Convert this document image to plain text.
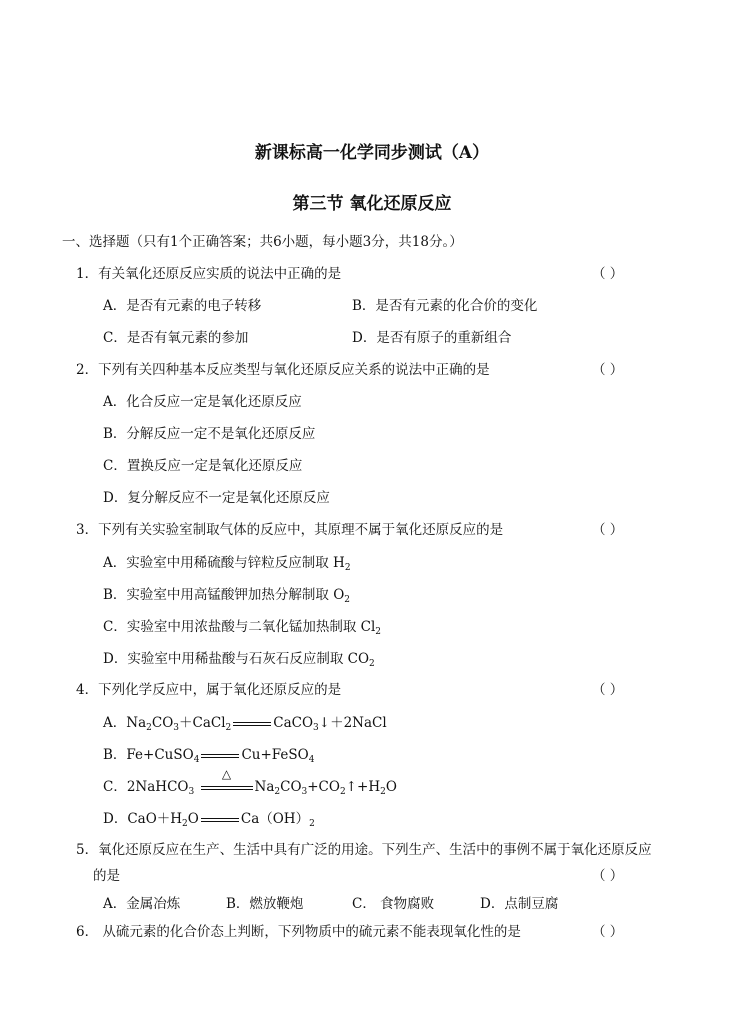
新课标高一化学同步测试（A）
第三节 氧化还原反应
一、选择题（只有1个正确答案；共6小题，每小题3分，共18分。）
1．有关氧化还原反应实质的说法中正确的是	（ ）
A．是否有元素的电子转移	B．是否有元素的化合价的变化
C．是否有氧元素的参加	D．是否有原子的重新组合
2．下列有关四种基本反应类型与氧化还原反应关系的说法中正确的是	（ ）
A．化合反应一定是氧化还原反应
B．分解反应一定不是氧化还原反应
C．置换反应一定是氧化还原反应
D．复分解反应不一定是氧化还原反应
3．下列有关实验室制取气体的反应中，其原理不属于氧化还原反应的是	（ ）
A．实验室中用稀硫酸与锌粒反应制取 $H_2$
B．实验室中用高锰酸钾加热分解制取 $O_2$
C．实验室中用浓盐酸与二氧化锰加热制取 $Cl_2$
D．实验室中用稀盐酸与石灰石反应制取 $CO_2$
4．下列化学反应中，属于氧化还原反应的是	（ ）
A．$Na_2CO_3+CaCl_2$	CaCO$_3$↓＋2NaCl
B．Fe+CuSO$_4$	Cu+FeSO$_4$
C．2NaHCO$_3$
△
$Na_2CO_3+CO_2↑+H_2O$
D．$CaO+H_2O$	$Ca(OH)_2$
5．氧化还原反应在生产、生活中具有广泛的用途。下列生产、生活中的事例不属于氧化还原反应
的是	（ ）
A．金属冶炼	B．燃放鞭炮	C． 食物腐败	D．点制豆腐
6． 从硫元素的化合价态上判断，下列物质中的硫元素不能表现氧化性的是	（ ）
